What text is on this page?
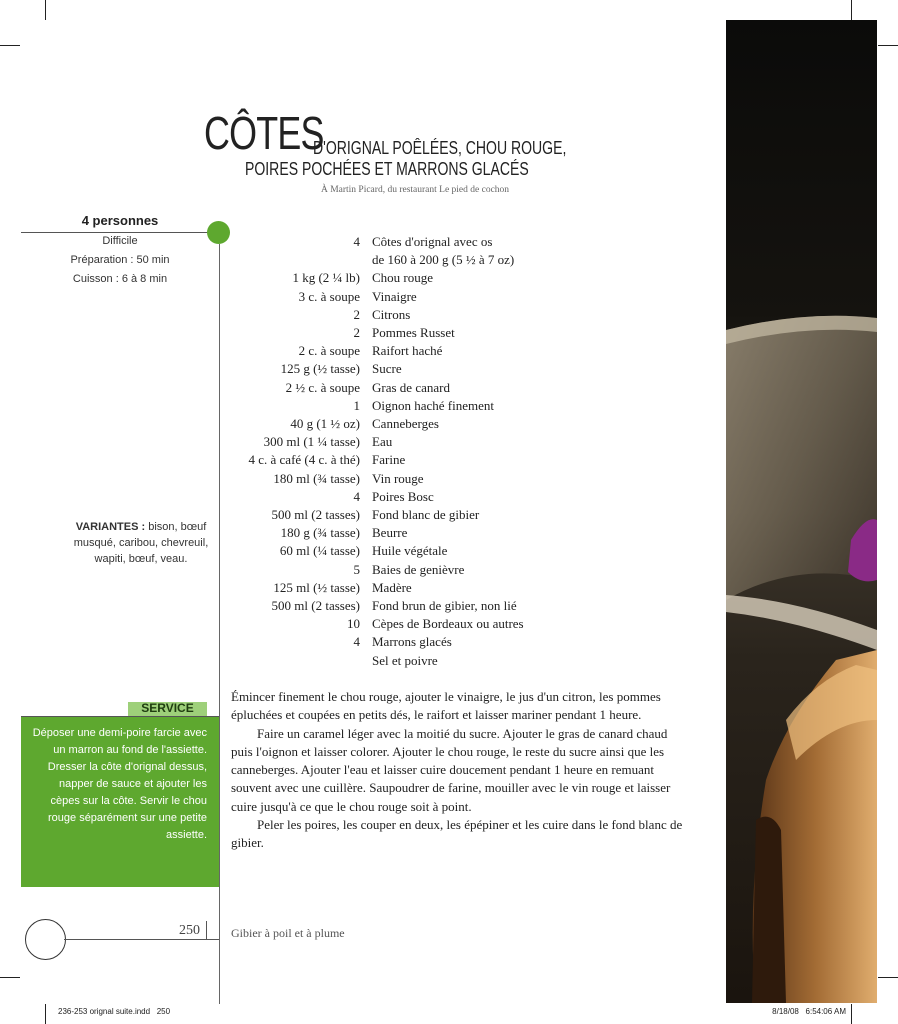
CÔTES
D'ORIGNAL POÊLÉES, CHOU ROUGE,
POIRES POCHÉES ET MARRONS GLACÉS
À Martin Picard, du restaurant Le pied de cochon
4 personnes
Difficile
Préparation : 50 min
Cuisson : 6 à 8 min
VARIANTES : bison, bœuf musqué, caribou, chevreuil, wapiti, bœuf, veau.
4 Côtes d'orignal avec os
de 160 à 200 g (5 ½ à 7 oz)
1 kg (2 ¼ lb) Chou rouge
3 c. à soupe Vinaigre
2 Citrons
2 Pommes Russet
2 c. à soupe Raifort haché
125 g (½ tasse) Sucre
2 ½ c. à soupe Gras de canard
1 Oignon haché finement
40 g (1 ½ oz) Canneberges
300 ml (1 ¼ tasse) Eau
4 c. à café (4 c. à thé) Farine
180 ml (¾ tasse) Vin rouge
4 Poires Bosc
500 ml (2 tasses) Fond blanc de gibier
180 g (¾ tasse) Beurre
60 ml (¼ tasse) Huile végétale
5 Baies de genièvre
125 ml (½ tasse) Madère
500 ml (2 tasses) Fond brun de gibier, non lié
10 Cèpes de Bordeaux ou autres
4 Marrons glacés
Sel et poivre

Émincer finement le chou rouge, ajouter le vinaigre, le jus d'un citron, les pommes épluchées et coupées en petits dés, le raifort et laisser mariner pendant 1 heure.

Faire un caramel léger avec la moitié du sucre. Ajouter le gras de canard chaud puis l'oignon et laisser colorer. Ajouter le chou rouge, le reste du sucre ainsi que les canneberges. Ajouter l'eau et laisser cuire doucement pendant 1 heure en remuant souvent avec une cuillère. Saupoudrer de farine, mouiller avec le vin rouge et laisser cuire jusqu'à ce que le chou rouge soit à point.

Peler les poires, les couper en deux, les épépiner et les cuire dans le fond blanc de gibier.

SERVICE
Déposer une demi-poire farcie avec un marron au fond de l'assiette. Dresser la côte d'orignal dessus, napper de sauce et ajouter les cèpes sur la côte. Servir le chou rouge séparément sur une petite assiette.
250	Gibier à poil et à plume
236-253 orignal suite.indd   250	8/18/08   6:54:06 AM
